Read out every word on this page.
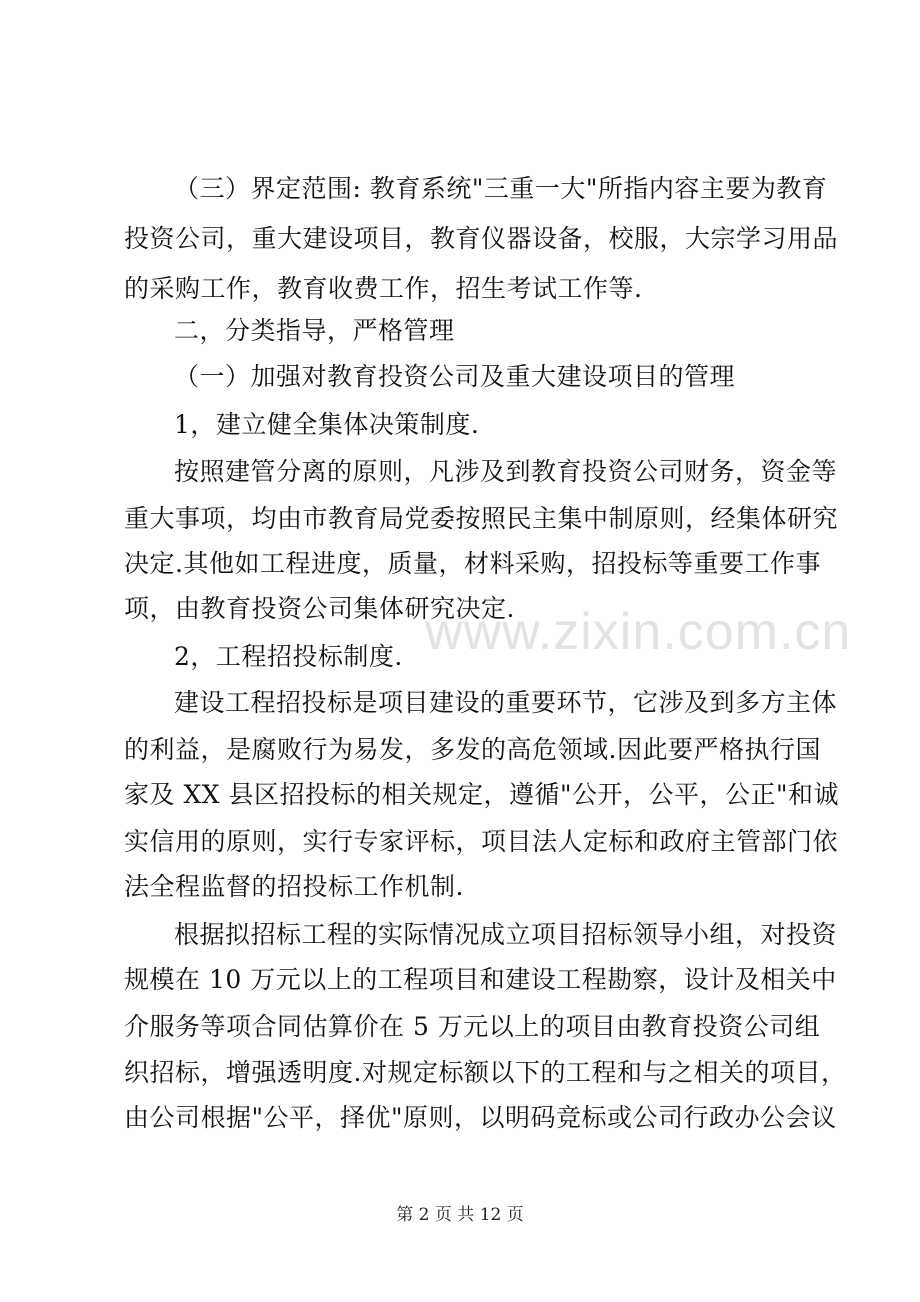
www.zixin.com.cn
（三）界定范围: 教育系统"三重一大"所指内容主要为教育
投资公司，重大建设项目，教育仪器设备，校服，大宗学习用品
的采购工作，教育收费工作，招生考试工作等.
二，分类指导，严格管理
（一）加强对教育投资公司及重大建设项目的管理
1，建立健全集体决策制度.
按照建管分离的原则，凡涉及到教育投资公司财务，资金等
重大事项，均由市教育局党委按照民主集中制原则，经集体研究
决定.其他如工程进度，质量，材料采购，招投标等重要工作事
项，由教育投资公司集体研究决定.
2，工程招投标制度.
建设工程招投标是项目建设的重要环节，它涉及到多方主体
的利益，是腐败行为易发，多发的高危领域.因此要严格执行国
家及 XX 县区招投标的相关规定，遵循"公开，公平，公正"和诚
实信用的原则，实行专家评标，项目法人定标和政府主管部门依
法全程监督的招投标工作机制.
根据拟招标工程的实际情况成立项目招标领导小组，对投资
规模在 10 万元以上的工程项目和建设工程勘察，设计及相关中
介服务等项合同估算价在 5 万元以上的项目由教育投资公司组
织招标，增强透明度.对规定标额以下的工程和与之相关的项目，
由公司根据"公平，择优"原则，以明码竞标或公司行政办公会议
第 2 页 共 12 页
